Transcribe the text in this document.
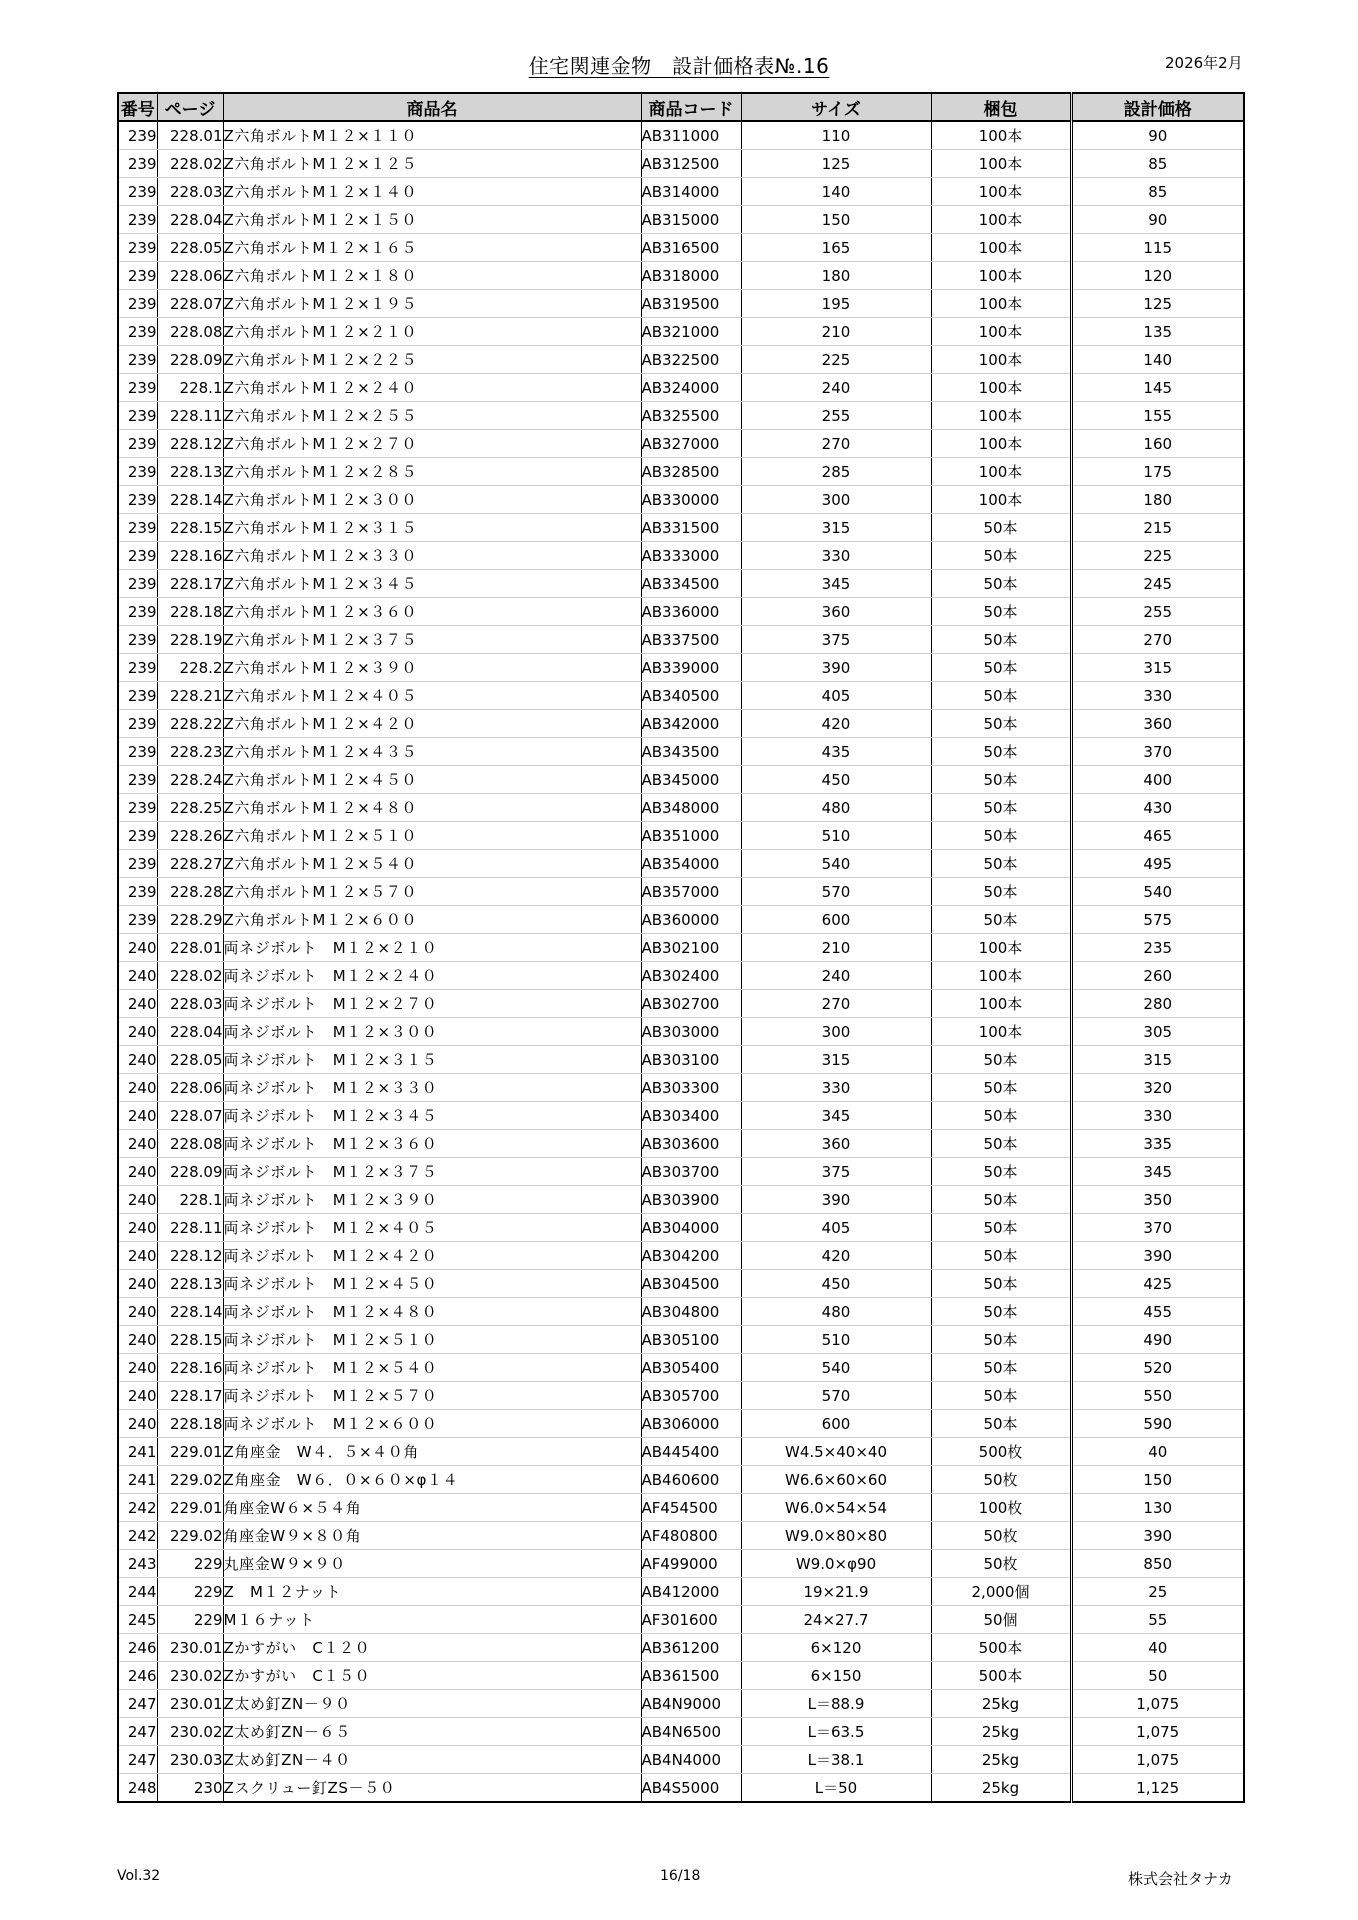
住宅関連金物　設計価格表№.16	2026年2月
番号	ページ	商品名	商品コード	サイズ	梱包	設計価格
239	228.01	Z六角ボルトM１２×１１０	AB311000	110	100本	90
239	228.02	Z六角ボルトM１２×１２５	AB312500	125	100本	85
239	228.03	Z六角ボルトM１２×１４０	AB314000	140	100本	85
239	228.04	Z六角ボルトM１２×１５０	AB315000	150	100本	90
239	228.05	Z六角ボルトM１２×１６５	AB316500	165	100本	115
239	228.06	Z六角ボルトM１２×１８０	AB318000	180	100本	120
239	228.07	Z六角ボルトM１２×１９５	AB319500	195	100本	125
239	228.08	Z六角ボルトM１２×２１０	AB321000	210	100本	135
239	228.09	Z六角ボルトM１２×２２５	AB322500	225	100本	140
239	228.1	Z六角ボルトM１２×２４０	AB324000	240	100本	145
239	228.11	Z六角ボルトM１２×２５５	AB325500	255	100本	155
239	228.12	Z六角ボルトM１２×２７０	AB327000	270	100本	160
239	228.13	Z六角ボルトM１２×２８５	AB328500	285	100本	175
239	228.14	Z六角ボルトM１２×３００	AB330000	300	100本	180
239	228.15	Z六角ボルトM１２×３１５	AB331500	315	50本	215
239	228.16	Z六角ボルトM１２×３３０	AB333000	330	50本	225
239	228.17	Z六角ボルトM１２×３４５	AB334500	345	50本	245
239	228.18	Z六角ボルトM１２×３６０	AB336000	360	50本	255
239	228.19	Z六角ボルトM１２×３７５	AB337500	375	50本	270
239	228.2	Z六角ボルトM１２×３９０	AB339000	390	50本	315
239	228.21	Z六角ボルトM１２×４０５	AB340500	405	50本	330
239	228.22	Z六角ボルトM１２×４２０	AB342000	420	50本	360
239	228.23	Z六角ボルトM１２×４３５	AB343500	435	50本	370
239	228.24	Z六角ボルトM１２×４５０	AB345000	450	50本	400
239	228.25	Z六角ボルトM１２×４８０	AB348000	480	50本	430
239	228.26	Z六角ボルトM１２×５１０	AB351000	510	50本	465
239	228.27	Z六角ボルトM１２×５４０	AB354000	540	50本	495
239	228.28	Z六角ボルトM１２×５７０	AB357000	570	50本	540
239	228.29	Z六角ボルトM１２×６００	AB360000	600	50本	575
240	228.01	両ネジボルト　M１２×２１０	AB302100	210	100本	235
240	228.02	両ネジボルト　M１２×２４０	AB302400	240	100本	260
240	228.03	両ネジボルト　M１２×２７０	AB302700	270	100本	280
240	228.04	両ネジボルト　M１２×３００	AB303000	300	100本	305
240	228.05	両ネジボルト　M１２×３１５	AB303100	315	50本	315
240	228.06	両ネジボルト　M１２×３３０	AB303300	330	50本	320
240	228.07	両ネジボルト　M１２×３４５	AB303400	345	50本	330
240	228.08	両ネジボルト　M１２×３６０	AB303600	360	50本	335
240	228.09	両ネジボルト　M１２×３７５	AB303700	375	50本	345
240	228.1	両ネジボルト　M１２×３９０	AB303900	390	50本	350
240	228.11	両ネジボルト　M１２×４０５	AB304000	405	50本	370
240	228.12	両ネジボルト　M１２×４２０	AB304200	420	50本	390
240	228.13	両ネジボルト　M１２×４５０	AB304500	450	50本	425
240	228.14	両ネジボルト　M１２×４８０	AB304800	480	50本	455
240	228.15	両ネジボルト　M１２×５１０	AB305100	510	50本	490
240	228.16	両ネジボルト　M１２×５４０	AB305400	540	50本	520
240	228.17	両ネジボルト　M１２×５７０	AB305700	570	50本	550
240	228.18	両ネジボルト　M１２×６００	AB306000	600	50本	590
241	229.01	Z角座金　W４．５×４０角	AB445400	W4.5×40×40	500枚	40
241	229.02	Z角座金　W６．０×６０×φ１４	AB460600	W6.6×60×60	50枚	150
242	229.01	角座金W６×５４角	AF454500	W6.0×54×54	100枚	130
242	229.02	角座金W９×８０角	AF480800	W9.0×80×80	50枚	390
243	229	丸座金W９×９０	AF499000	W9.0×φ90	50枚	850
244	229	Z　M１２ナット	AB412000	19×21.9	2,000個	25
245	229	M１６ナット	AF301600	24×27.7	50個	55
246	230.01	Zかすがい　C１２０	AB361200	6×120	500本	40
246	230.02	Zかすがい　C１５０	AB361500	6×150	500本	50
247	230.01	Z太め釘ZN－９０	AB4N9000	L＝88.9	25kg	1,075
247	230.02	Z太め釘ZN－６５	AB4N6500	L＝63.5	25kg	1,075
247	230.03	Z太め釘ZN－４０	AB4N4000	L＝38.1	25kg	1,075
248	230	Zスクリュー釘ZS－５０	AB4S5000	L＝50	25kg	1,125
Vol.32	16/18	株式会社タナカ
